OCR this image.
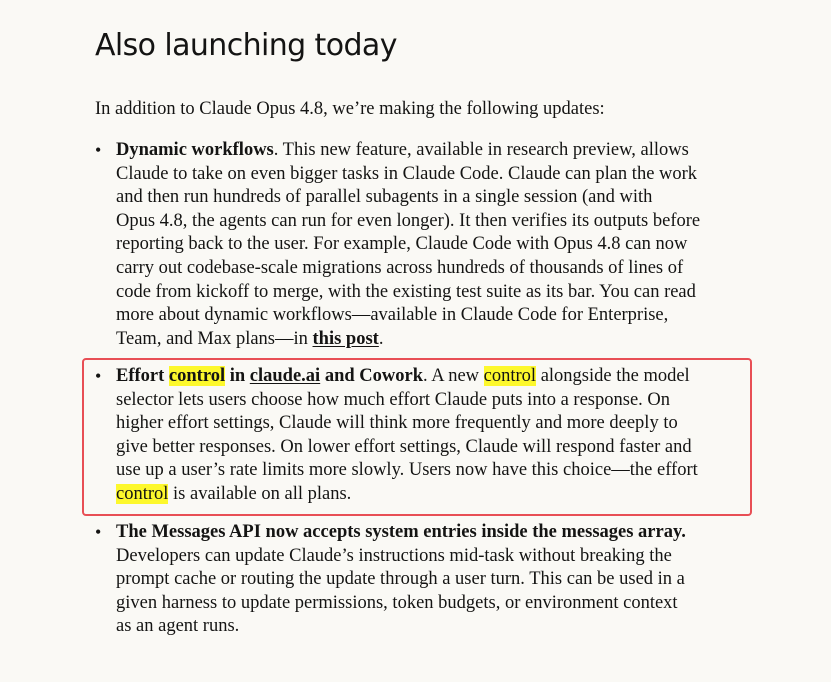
Also launching today

In addition to Claude Opus 4.8, we’re making the following updates:

• Dynamic workflows. This new feature, available in research preview, allows
Claude to take on even bigger tasks in Claude Code. Claude can plan the work
and then run hundreds of parallel subagents in a single session (and with
Opus 4.8, the agents can run for even longer). It then verifies its outputs before
reporting back to the user. For example, Claude Code with Opus 4.8 can now
carry out codebase-scale migrations across hundreds of thousands of lines of
code from kickoff to merge, with the existing test suite as its bar. You can read
more about dynamic workflows—available in Claude Code for Enterprise,
Team, and Max plans—in this post.
• Effort control in claude.ai and Cowork. A new control alongside the model
selector lets users choose how much effort Claude puts into a response. On
higher effort settings, Claude will think more frequently and more deeply to
give better responses. On lower effort settings, Claude will respond faster and
use up a user’s rate limits more slowly. Users now have this choice—the effort
control is available on all plans.
• The Messages API now accepts system entries inside the messages array.
Developers can update Claude’s instructions mid-task without breaking the
prompt cache or routing the update through a user turn. This can be used in a
given harness to update permissions, token budgets, or environment context
as an agent runs.
